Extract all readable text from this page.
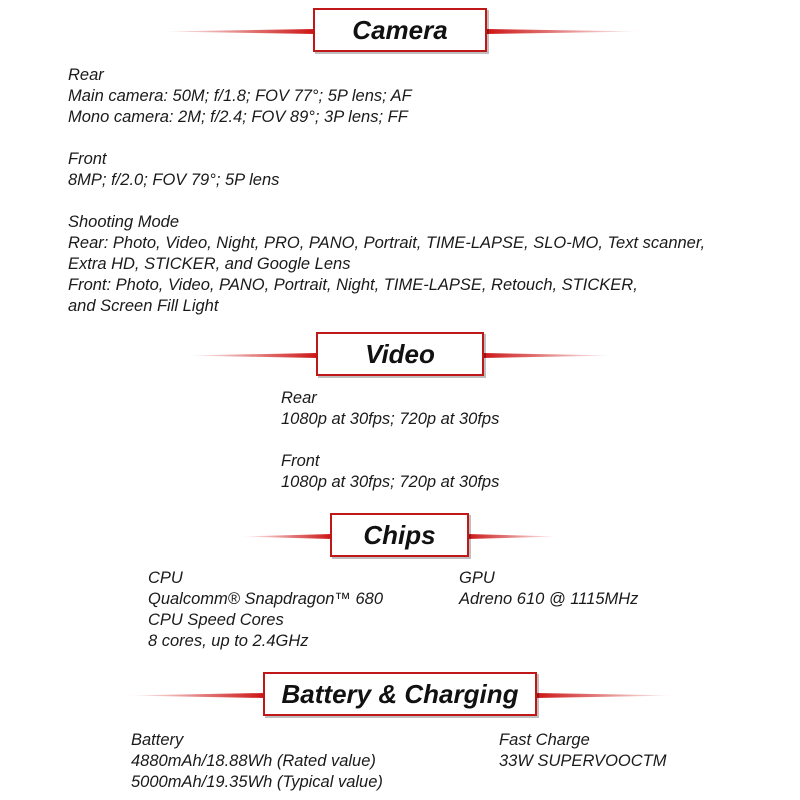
Camera
Rear
Main camera: 50M; f/1.8; FOV 77°; 5P lens; AF
Mono camera: 2M; f/2.4; FOV 89°; 3P lens; FF
Front
8MP; f/2.0; FOV 79°; 5P lens
Shooting Mode
Rear: Photo, Video, Night, PRO, PANO, Portrait, TIME-LAPSE, SLO-MO, Text scanner,
Extra HD, STICKER, and Google Lens
Front: Photo, Video, PANO, Portrait, Night, TIME-LAPSE, Retouch, STICKER,
and Screen Fill Light
Video
Rear
1080p at 30fps; 720p at 30fps
Front
1080p at 30fps; 720p at 30fps
Chips
CPU
Qualcomm® Snapdragon™ 680
CPU Speed Cores
8 cores, up to 2.4GHz
GPU
Adreno 610 @ 1115MHz
Battery & Charging
Battery
4880mAh/18.88Wh (Rated value)
5000mAh/19.35Wh (Typical value)
Fast Charge
33W SUPERVOOCTM
